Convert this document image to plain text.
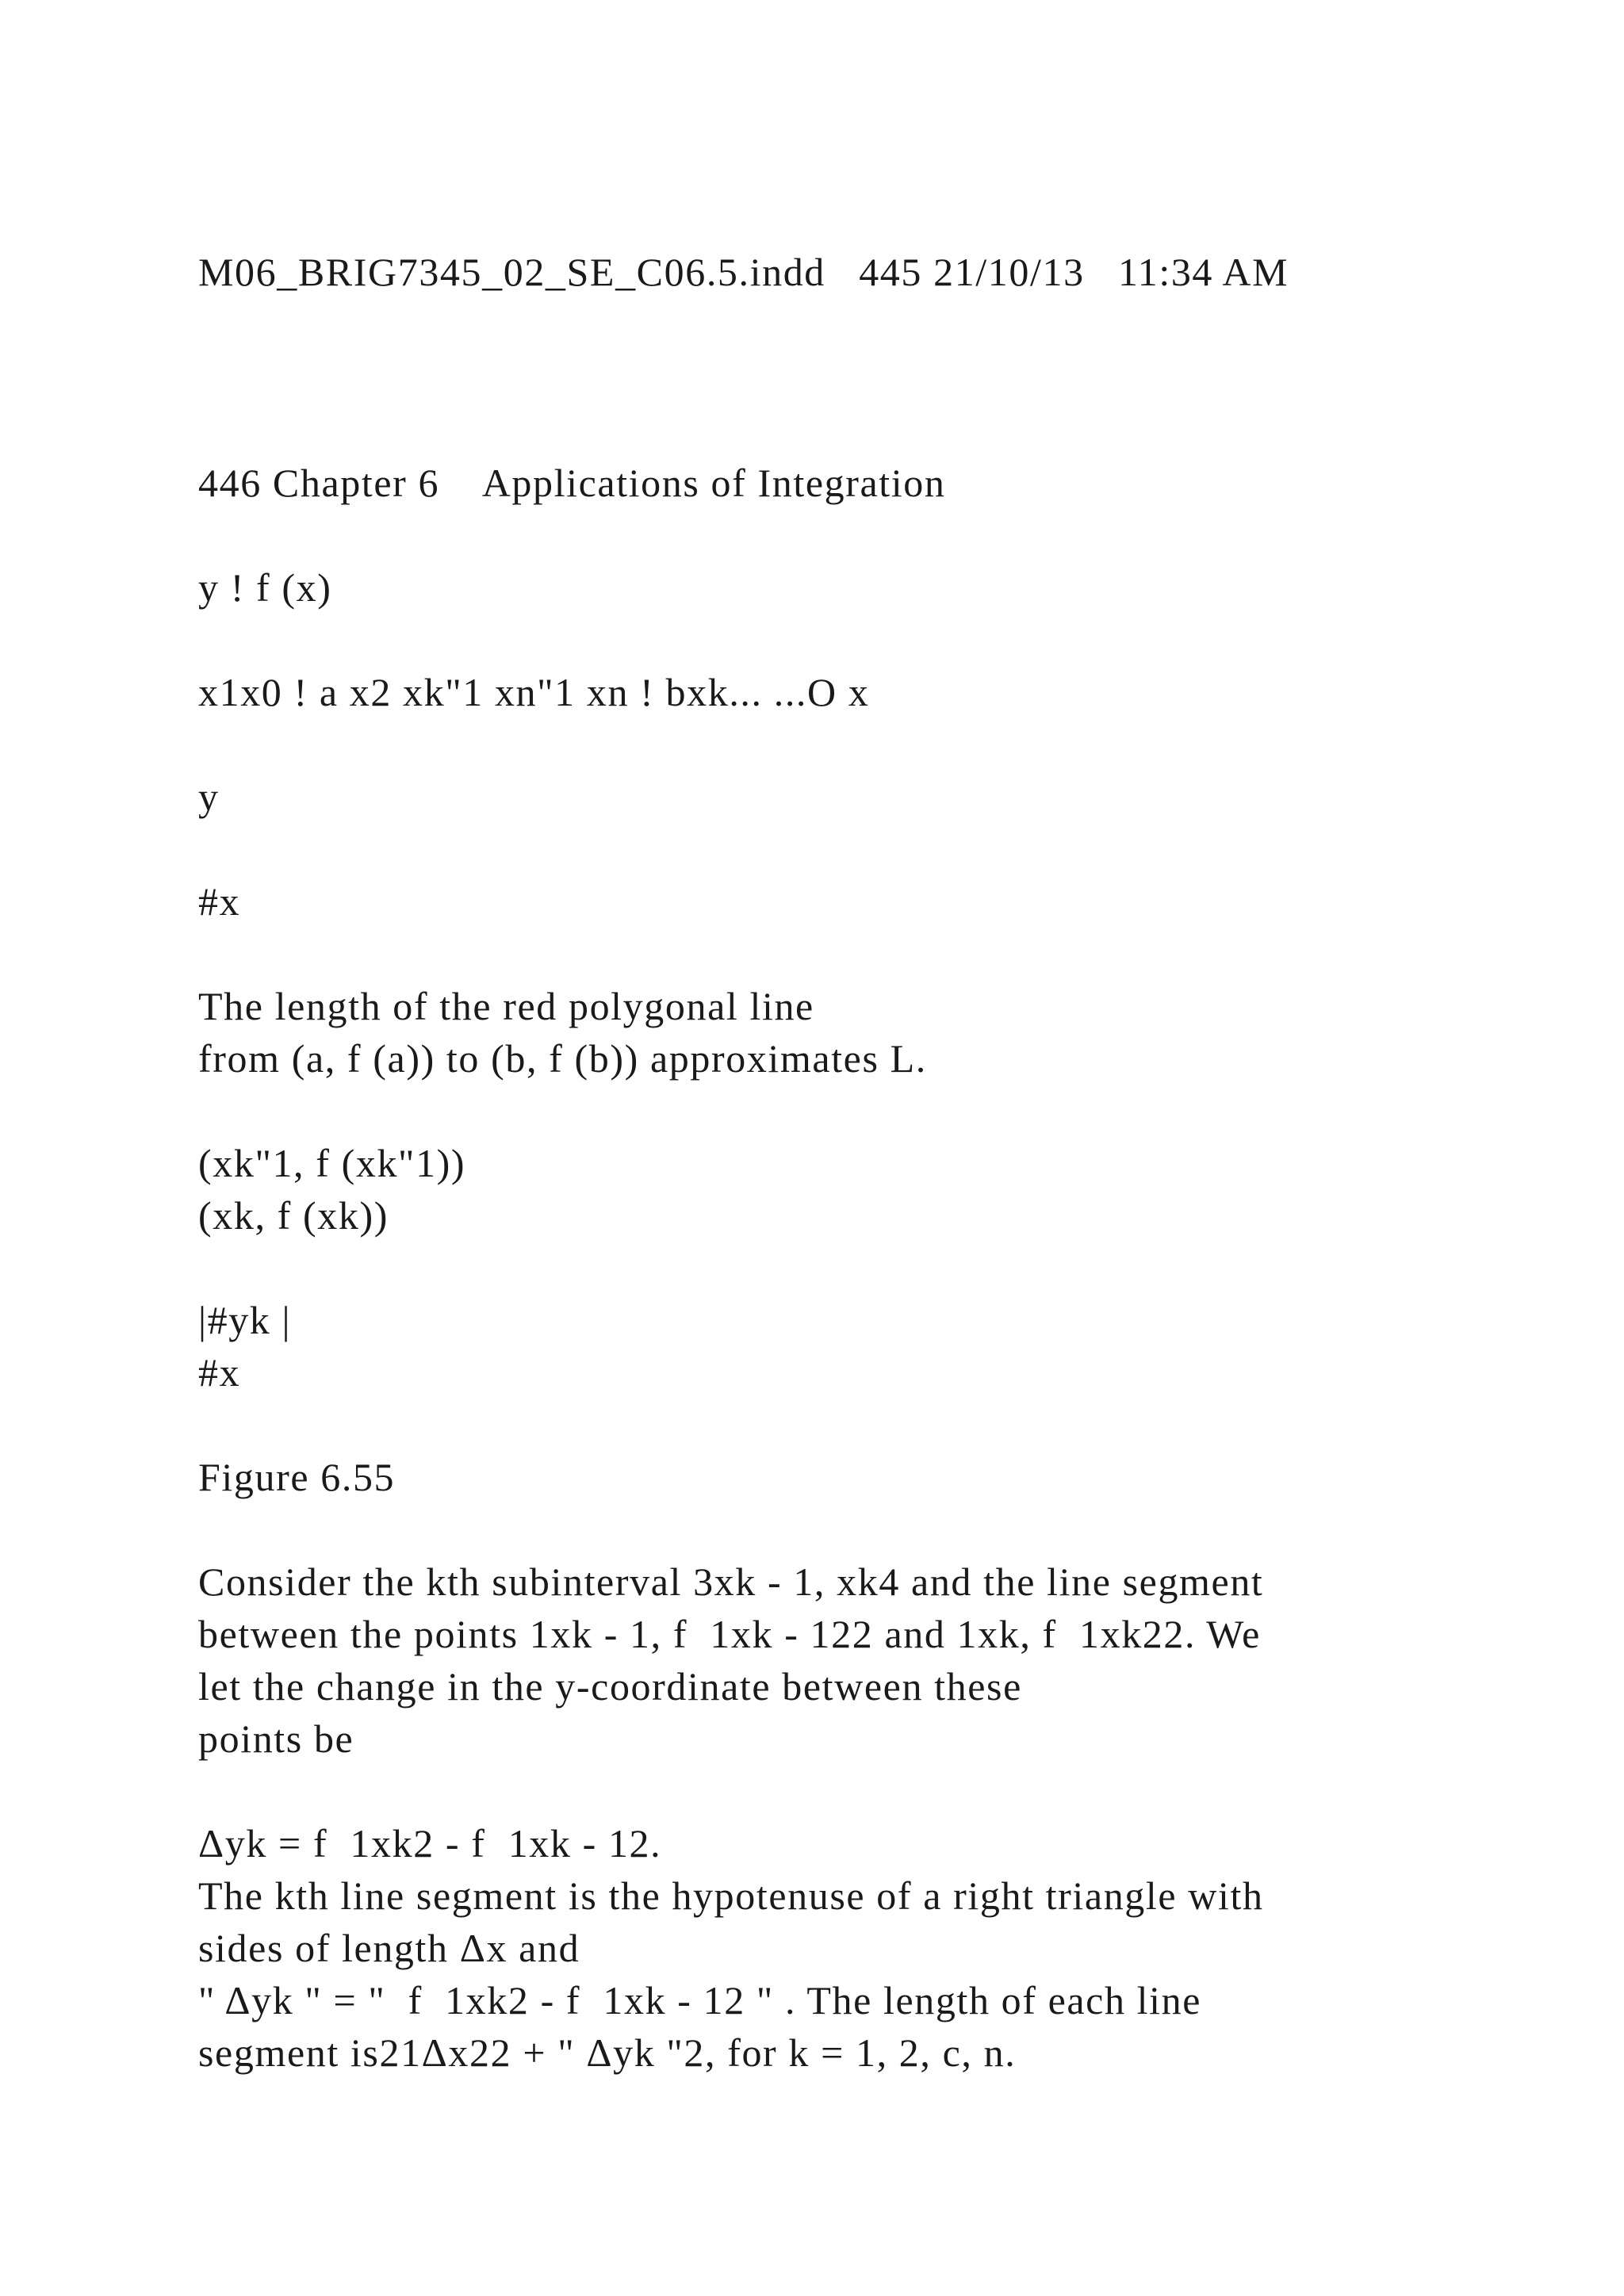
M06_BRIG7345_02_SE_C06.5.indd   445 21/10/13   11:34 AM
446 Chapter 6    Applications of Integration
y ! f (x)
x1x0 ! a x2 xk"1 xn"1 xn ! bxk... ...O x
y
#x
The length of the red polygonal line
from (a, f (a)) to (b, f (b)) approximates L.
(xk"1, f (xk"1))
(xk, f (xk))
|#yk |
#x
Figure 6.55
Consider the kth subinterval 3xk - 1, xk4 and the line segment
between the points 1xk - 1, f  1xk - 122 and 1xk, f  1xk22. We
let the change in the y-coordinate between these
points be
Δyk = f  1xk2 - f  1xk - 12.
The kth line segment is the hypotenuse of a right triangle with
sides of length Δx and
" Δyk " = "  f  1xk2 - f  1xk - 12 " . The length of each line
segment is21Δx22 + " Δyk "2, for k = 1, 2, c, n.
